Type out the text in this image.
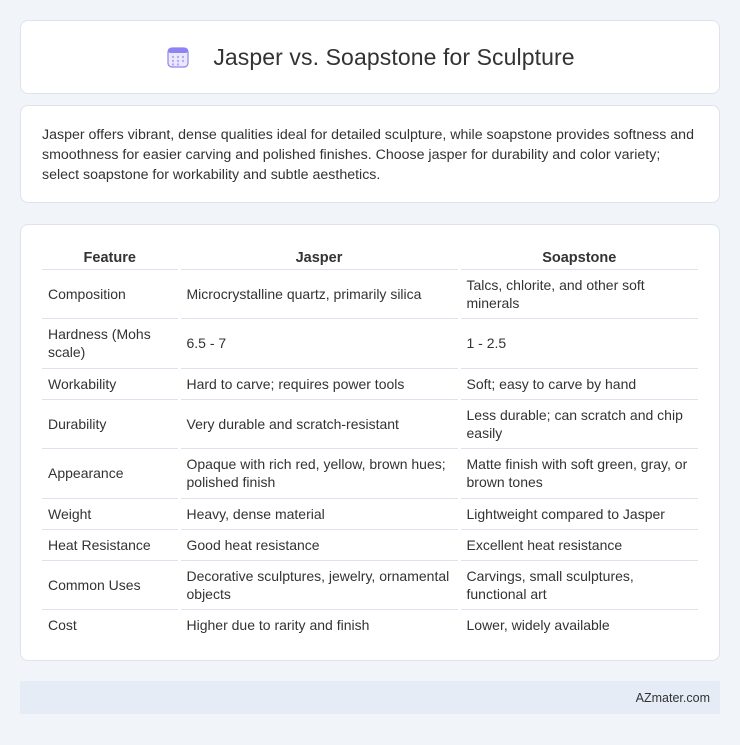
Jasper vs. Soapstone for Sculpture

Jasper offers vibrant, dense qualities ideal for detailed sculpture, while soapstone provides softness and smoothness for easier carving and polished finishes. Choose jasper for durability and color variety; select soapstone for workability and subtle aesthetics.

Feature	Jasper	Soapstone
Composition	Microcrystalline quartz, primarily silica	Talcs, chlorite, and other soft minerals
Hardness (Mohs scale)	6.5 - 7	1 - 2.5
Workability	Hard to carve; requires power tools	Soft; easy to carve by hand
Durability	Very durable and scratch-resistant	Less durable; can scratch and chip easily
Appearance	Opaque with rich red, yellow, brown hues; polished finish	Matte finish with soft green, gray, or brown tones
Weight	Heavy, dense material	Lightweight compared to Jasper
Heat Resistance	Good heat resistance	Excellent heat resistance
Common Uses	Decorative sculptures, jewelry, ornamental objects	Carvings, small sculptures, functional art
Cost	Higher due to rarity and finish	Lower, widely available
AZmater.com
